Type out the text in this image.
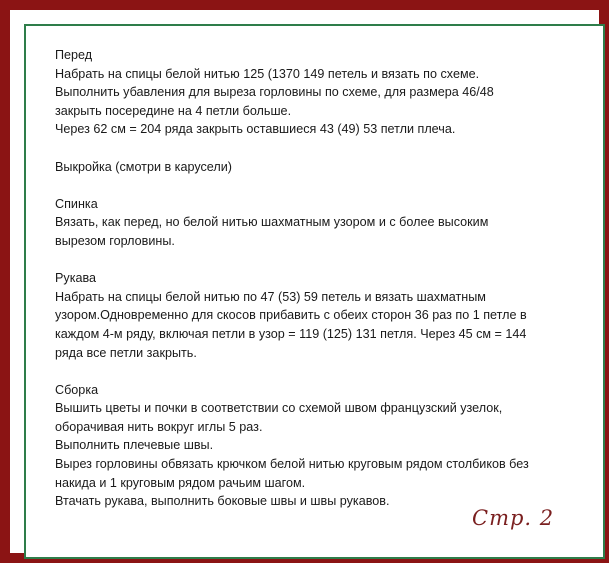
Перед
Набрать на спицы белой нитью 125 (1370 149 петель и вязать по схеме.
Выполнить убавления для выреза горловины по схеме, для размера 46/48
закрыть посередине на 4 петли больше.
Через 62 см = 204 ряда закрыть оставшиеся 43 (49) 53 петли плеча.
Выкройка (смотри в карусели)
Спинка
Вязать, как перед, но белой нитью шахматным узором и с более высоким
вырезом горловины.
Рукава
Набрать на спицы белой нитью по 47 (53) 59 петель и вязать шахматным
узором.Одновременно для скосов прибавить с обеих сторон 36 раз по 1 петле в
каждом 4-м ряду, включая петли в узор = 119 (125) 131 петля. Через 45 см = 144
ряда все петли закрыть.
Сборка
Вышить цветы и почки в соответствии со схемой швом французский узелок,
оборачивая нить вокруг иглы 5 раз.
Выполнить плечевые швы.
Вырез горловины обвязать крючком белой нитью круговым рядом столбиков без
накида и 1 круговым рядом рачьим шагом.
Втачать рукава, выполнить боковые швы и швы рукавов.
Стр. 2
